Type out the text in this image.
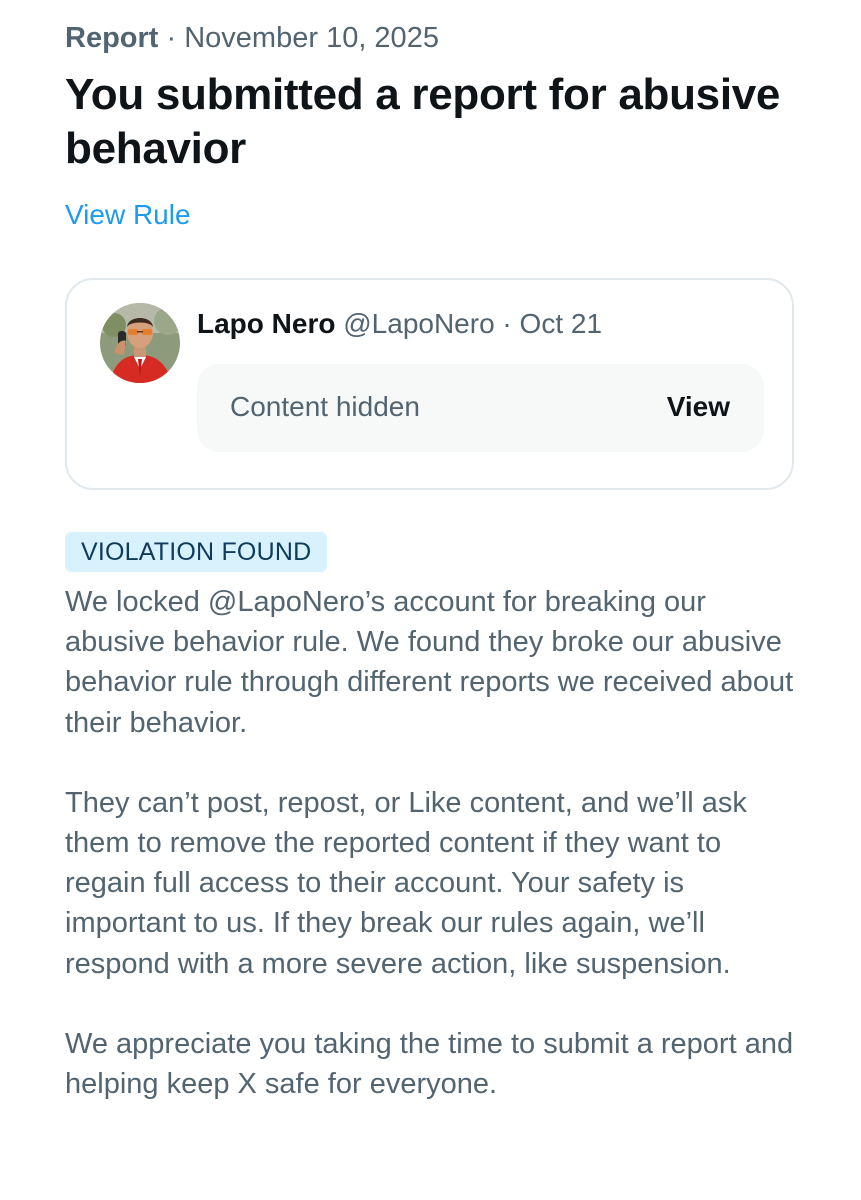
Report · November 10, 2025
You submitted a report for abusive behavior
View Rule
Lapo Nero @LapoNero · Oct 21
Content hidden	View
VIOLATION FOUND

We locked @LapoNero’s account for breaking our abusive behavior rule. We found they broke our abusive behavior rule through different reports we received about their behavior.

They can’t post, repost, or Like content, and we’ll ask them to remove the reported content if they want to regain full access to their account. Your safety is important to us. If they break our rules again, we’ll respond with a more severe action, like suspension.

We appreciate you taking the time to submit a report and helping keep X safe for everyone.
